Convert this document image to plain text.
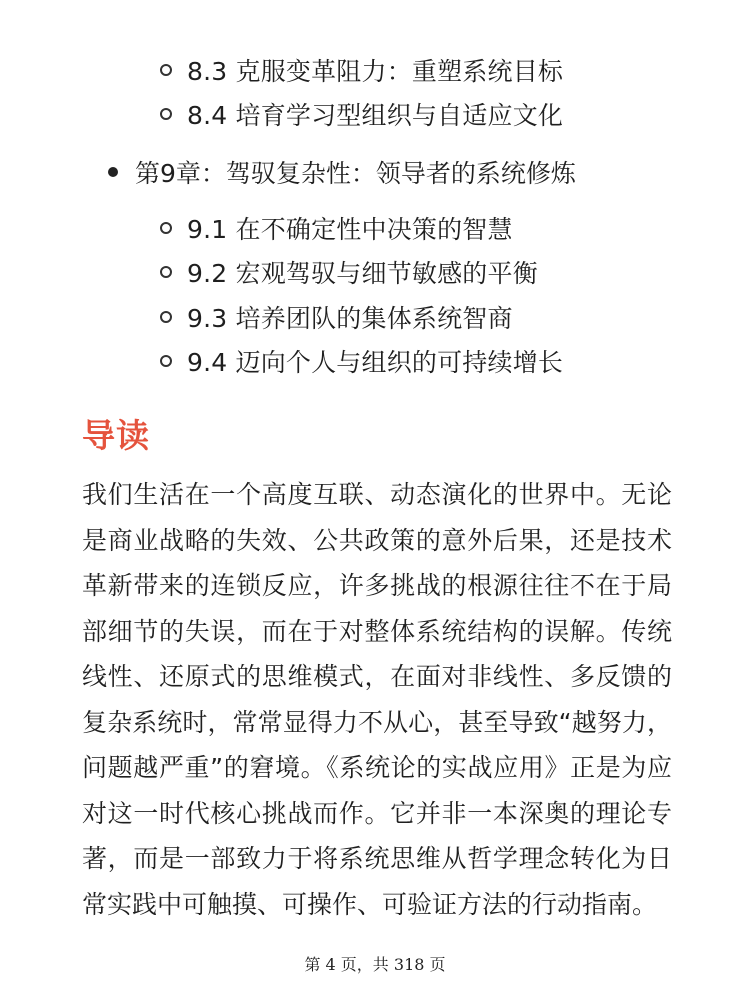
8.3 克服变革阻力：重塑系统目标
8.4 培育学习型组织与自适应文化
第9章：驾驭复杂性：领导者的系统修炼
9.1 在不确定性中决策的智慧
9.2 宏观驾驭与细节敏感的平衡
9.3 培养团队的集体系统智商
9.4 迈向个人与组织的可持续增长
导读

我们生活在一个高度互联、动态演化的世界中。无论是商业战略的失效、公共政策的意外后果，还是技术革新带来的连锁反应，许多挑战的根源往往不在于局部细节的失误，而在于对整体系统结构的误解。传统线性、还原式的思维模式，在面对非线性、多反馈的复杂系统时，常常显得力不从心，甚至导致“越努力，问题越严重”的窘境。《系统论的实战应用》正是为应对这一时代核心挑战而作。它并非一本深奥的理论专著，而是一部致力于将系统思维从哲学理念转化为日常实践中可触摸、可操作、可验证方法的行动指南。

第 4 页，共 318 页
